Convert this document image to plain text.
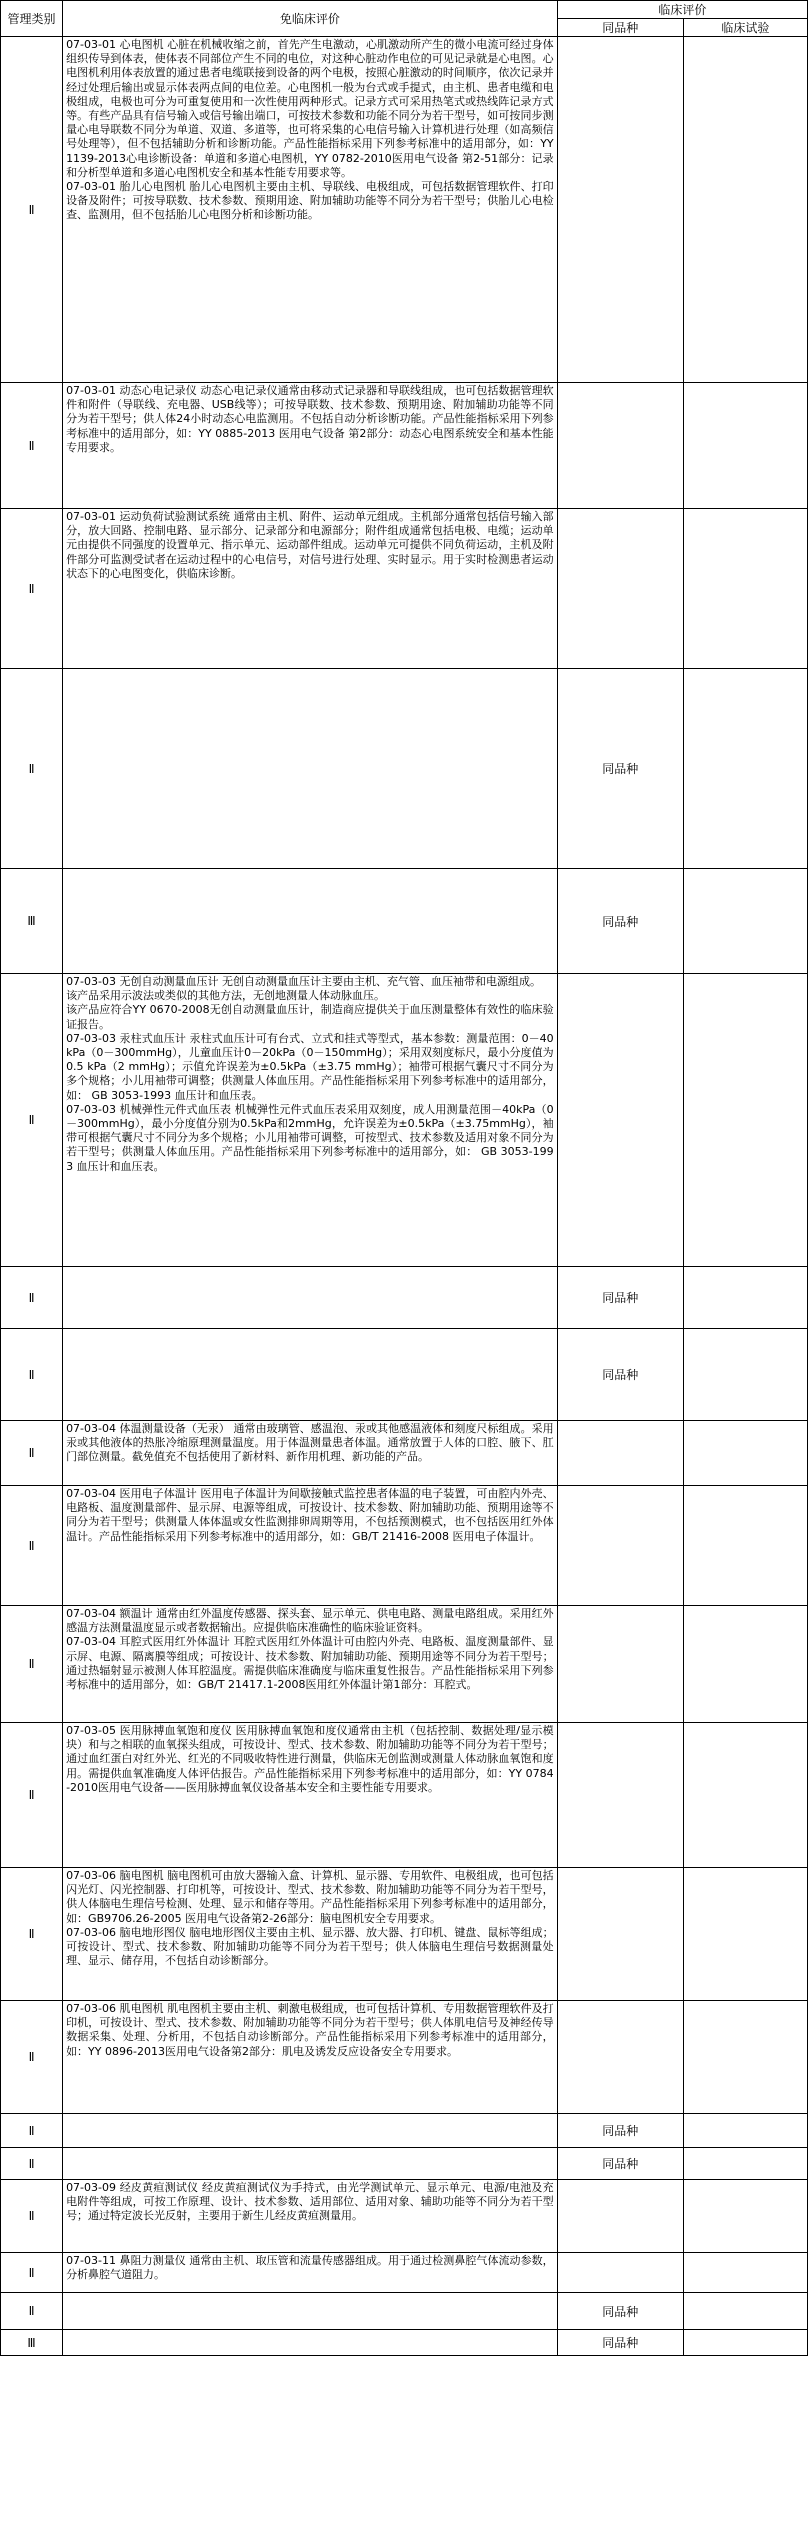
管理类别	免临床评价	临床评价	
		同品种	临床试验
Ⅱ	07-03-01 心电图机 心脏在机械收缩之前，首先产生电激动，心肌激动所产生的微小电流可经过身体组织传导到体表，使体表不同部位产生不同的电位，对这种心脏动作电位的可见记录就是心电图。心电图机利用体表放置的通过患者电缆联接到设备的两个电极，按照心脏激动的时间顺序，依次记录并经过处理后输出或显示体表两点间的电位差。心电图机一般为台式或手提式，由主机、患者电缆和电极组成，电极也可分为可重复使用和一次性使用两种形式。记录方式可采用热笔式或热线阵记录方式等。有些产品具有信号输入或信号输出端口，可按技术参数和功能不同分为若干型号，如可按同步测量心电导联数不同分为单道、双道、多道等，也可将采集的心电信号输入计算机进行处理（如高频信号处理等），但不包括辅助分析和诊断功能。产品性能指标采用下列参考标准中的适用部分，如：YY 1139-2013心电诊断设备：单道和多道心电图机，YY 0782-2010医用电气设备 第2-51部分：记录和分析型单道和多道心电图机安全和基本性能专用要求等。

07-03-01 胎儿心电图机 胎儿心电图机主要由主机、导联线、电极组成，可包括数据管理软件、打印设备及附件；可按导联数、技术参数、预期用途、附加辅助功能等不同分为若干型号；供胎儿心电检查、监测用，但不包括胎儿心电图分析和诊断功能。		

Ⅱ	07-03-01 动态心电记录仪 动态心电记录仪通常由移动式记录器和导联线组成，也可包括数据管理软件和附件（导联线、充电器、USB线等）；可按导联数、技术参数、预期用途、附加辅助功能等不同分为若干型号；供人体24小时动态心电监测用。不包括自动分析诊断功能。产品性能指标采用下列参考标准中的适用部分，如：YY 0885-2013 医用电气设备 第2部分：动态心电图系统安全和基本性能专用要求。		

Ⅱ	07-03-01 运动负荷试验测试系统 通常由主机、附件、运动单元组成。主机部分通常包括信号输入部分，放大回路、控制电路、显示部分、记录部分和电源部分；附件组成通常包括电极、电缆；运动单元由提供不同强度的设置单元、指示单元、运动部件组成。运动单元可提供不同负荷运动，主机及附件部分可监测受试者在运动过程中的心电信号，对信号进行处理、实时显示。用于实时检测患者运动状态下的心电图变化，供临床诊断。		

Ⅱ		同品种	
Ⅲ		同品种	
Ⅱ	07-03-03 无创自动测量血压计 无创自动测量血压计主要由主机、充气管、血压袖带和电源组成。

该产品采用示波法或类似的其他方法，无创地测量人体动脉血压。

该产品应符合YY 0670-2008无创自动测量血压计，制造商应提供关于血压测量整体有效性的临床验证报告。

07-03-03 汞柱式血压计 汞柱式血压计可有台式、立式和挂式等型式，基本参数：测量范围：0－40kPa（0－300mmHg），儿童血压计0－20kPa（0－150mmHg）；采用双刻度标尺，最小分度值为0.5 kPa（2 mmHg）；示值允许误差为±0.5kPa（±3.75 mmHg）；袖带可根据气囊尺寸不同分为多个规格；小儿用袖带可调整；供测量人体血压用。产品性能指标采用下列参考标准中的适用部分，如： GB 3053-1993 血压计和血压表。

07-03-03 机械弹性元件式血压表 机械弹性元件式血压表采用双刻度，成人用测量范围－40kPa（0－300mmHg），最小分度值分别为0.5kPa和2mmHg，允许误差为±0.5kPa（±3.75mmHg），袖带可根据气囊尺寸不同分为多个规格；小儿用袖带可调整，可按型式、技术参数及适用对象不同分为若干型号；供测量人体血压用。产品性能指标采用下列参考标准中的适用部分，如： GB 3053-1993 血压计和血压表。		

Ⅱ		同品种	
Ⅱ		同品种	
Ⅱ	07-03-04 体温测量设备（无汞） 通常由玻璃管、感温泡、汞或其他感温液体和刻度尺标组成。采用汞或其他液体的热胀冷缩原理测量温度。用于体温测量患者体温。通常放置于人体的口腔、腋下、肛门部位测量。截免值充不包括使用了新材料、新作用机理、新功能的产品。		

Ⅱ	07-03-04 医用电子体温计 医用电子体温计为间歇接触式监控患者体温的电子装置，可由腔内外壳、电路板、温度测量部件、显示屏、电源等组成，可按设计、技术参数、附加辅助功能、预期用途等不同分为若干型号；供测量人体体温或女性监测排卵周期等用，不包括预测模式，也不包括医用红外体温计。产品性能指标采用下列参考标准中的适用部分，如：GB/T 21416-2008 医用电子体温计。		

Ⅱ	07-03-04 额温计 通常由红外温度传感器、探头套、显示单元、供电电路、测量电路组成。采用红外感温方法测量温度显示或者数据输出。应提供临床准确性的临床验证资料。

07-03-04 耳腔式医用红外体温计 耳腔式医用红外体温计可由腔内外壳、电路板、温度测量部件、显示屏、电源、隔离膜等组成；可按设计、技术参数、附加辅助功能、预期用途等不同分为若干型号；通过热辐射显示被测人体耳腔温度。需提供临床准确度与临床重复性报告。产品性能指标采用下列参考标准中的适用部分，如：GB/T 21417.1-2008医用红外体温计第1部分：耳腔式。		

Ⅱ	07-03-05 医用脉搏血氧饱和度仪 医用脉搏血氧饱和度仪通常由主机（包括控制、数据处理/显示模块）和与之相联的血氧探头组成，可按设计、型式、技术参数、附加辅助功能等不同分为若干型号；通过血红蛋白对红外光、红光的不同吸收特性进行测量，供临床无创监测或测量人体动脉血氧饱和度用。需提供血氧准确度人体评估报告。产品性能指标采用下列参考标准中的适用部分，如：YY 0784-2010医用电气设备——医用脉搏血氧仪设备基本安全和主要性能专用要求。		

Ⅱ	07-03-06 脑电图机 脑电图机可由放大器输入盒、计算机、显示器、专用软件、电极组成，也可包括闪光灯、闪光控制器、打印机等，可按设计、型式、技术参数、附加辅助功能等不同分为若干型号，供人体脑电生理信号检测、处理、显示和储存等用。产品性能指标采用下列参考标准中的适用部分，如：GB9706.26-2005 医用电气设备第2-26部分：脑电图机安全专用要求。

07-03-06 脑电地形图仪 脑电地形图仪主要由主机、显示器、放大器、打印机、键盘、鼠标等组成；可按设计、型式、技术参数、附加辅助功能等不同分为若干型号；供人体脑电生理信号数据测量处理、显示、储存用，不包括自动诊断部分。		

Ⅱ	07-03-06 肌电图机 肌电图机主要由主机、刺激电极组成，也可包括计算机、专用数据管理软件及打印机，可按设计、型式、技术参数、附加辅助功能等不同分为若干型号；供人体肌电信号及神经传导数据采集、处理、分析用，不包括自动诊断部分。产品性能指标采用下列参考标准中的适用部分，如：YY 0896-2013医用电气设备第2部分：肌电及诱发反应设备安全专用要求。		

Ⅱ		同品种	
Ⅱ		同品种	
Ⅱ	07-03-09 经皮黄疸测试仪 经皮黄疸测试仪为手持式，由光学测试单元、显示单元、电源/电池及充电附件等组成，可按工作原理、设计、技术参数、适用部位、适用对象、辅助功能等不同分为若干型号；通过特定波长光反射，主要用于新生儿经皮黄疸测量用。		

Ⅱ	07-03-11 鼻阻力测量仪 通常由主机、取压管和流量传感器组成。用于通过检测鼻腔气体流动参数，分析鼻腔气道阻力。		

Ⅱ		同品种	
Ⅲ		同品种	
